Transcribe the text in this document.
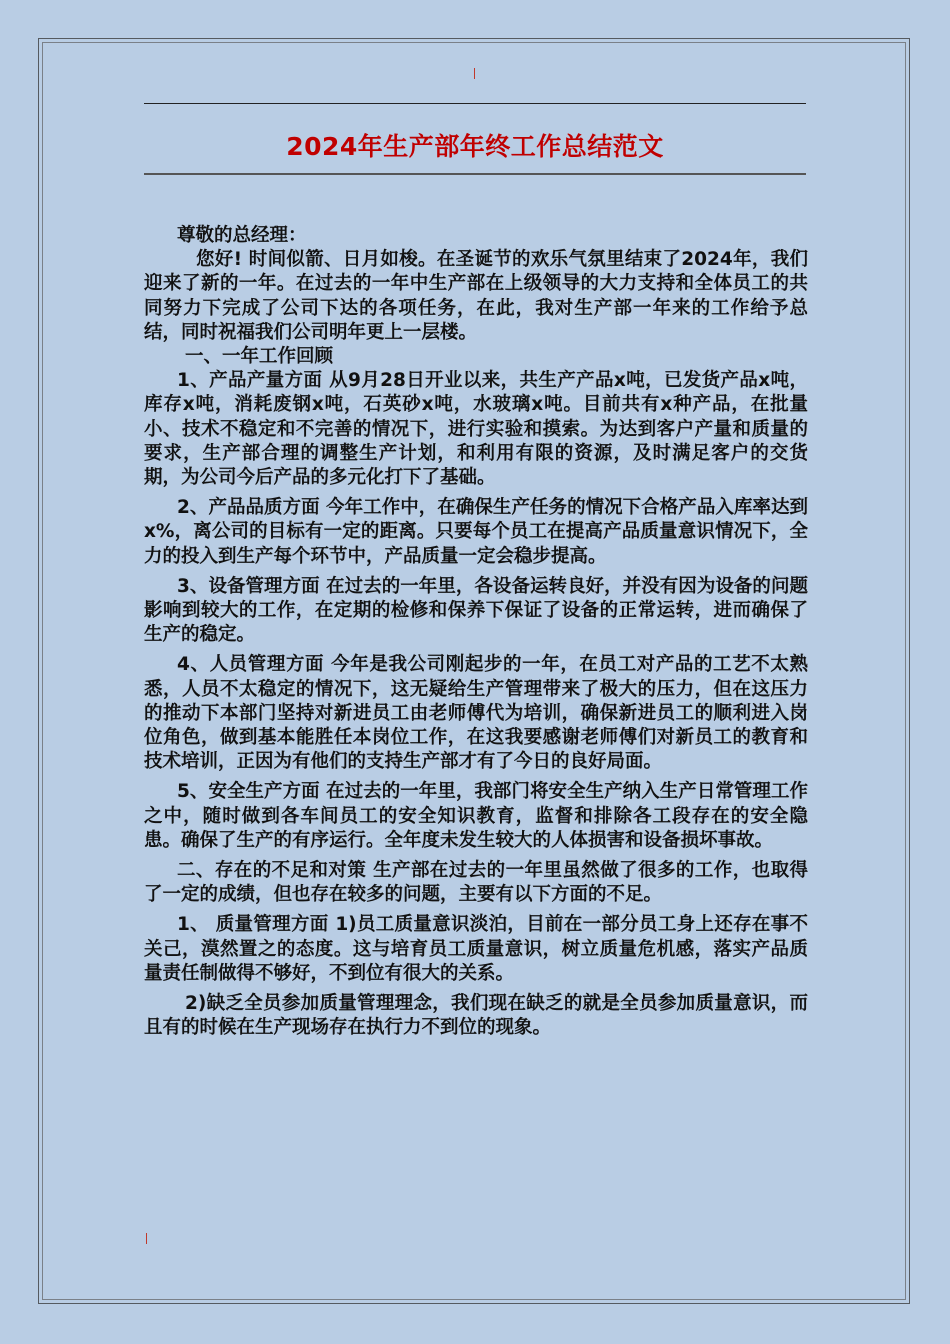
2024年生产部年终工作总结范文

尊敬的总经理：

您好! 时间似箭、日月如梭。在圣诞节的欢乐气氛里结束了2024年，我们迎来了新的一年。在过去的一年中生产部在上级领导的大力支持和全体员工的共同努力下完成了公司下达的各项任务，在此，我对生产部一年来的工作给予总结，同时祝福我们公司明年更上一层楼。

一、一年工作回顾

1、产品产量方面 从9月28日开业以来，共生产产品x吨，已发货产品x吨，库存x吨，消耗废钢x吨，石英砂x吨，水玻璃x吨。目前共有x种产品，在批量小、技术不稳定和不完善的情况下，进行实验和摸索。为达到客户产量和质量的要求，生产部合理的调整生产计划，和利用有限的资源，及时满足客户的交货期，为公司今后产品的多元化打下了基础。

2、产品品质方面 今年工作中，在确保生产任务的情况下合格产品入库率达到x%，离公司的目标有一定的距离。只要每个员工在提高产品质量意识情况下，全力的投入到生产每个环节中，产品质量一定会稳步提高。

3、设备管理方面 在过去的一年里，各设备运转良好，并没有因为设备的问题影响到较大的工作，在定期的检修和保养下保证了设备的正常运转，进而确保了生产的稳定。

4、人员管理方面 今年是我公司刚起步的一年，在员工对产品的工艺不太熟悉，人员不太稳定的情况下，这无疑给生产管理带来了极大的压力，但在这压力的推动下本部门坚持对新进员工由老师傅代为培训，确保新进员工的顺利进入岗位角色，做到基本能胜任本岗位工作，在这我要感谢老师傅们对新员工的教育和技术培训，正因为有他们的支持生产部才有了今日的良好局面。

5、安全生产方面 在过去的一年里，我部门将安全生产纳入生产日常管理工作之中，随时做到各车间员工的安全知识教育，监督和排除各工段存在的安全隐患。确保了生产的有序运行。全年度未发生较大的人体损害和设备损坏事故。

二、存在的不足和对策 生产部在过去的一年里虽然做了很多的工作，也取得了一定的成绩，但也存在较多的问题，主要有以下方面的不足。

1、 质量管理方面 1)员工质量意识淡泊，目前在一部分员工身上还存在事不关己，漠然置之的态度。这与培育员工质量意识，树立质量危机感，落实产品质量责任制做得不够好，不到位有很大的关系。

2)缺乏全员参加质量管理理念，我们现在缺乏的就是全员参加质量意识，而且有的时候在生产现场存在执行力不到位的现象。
